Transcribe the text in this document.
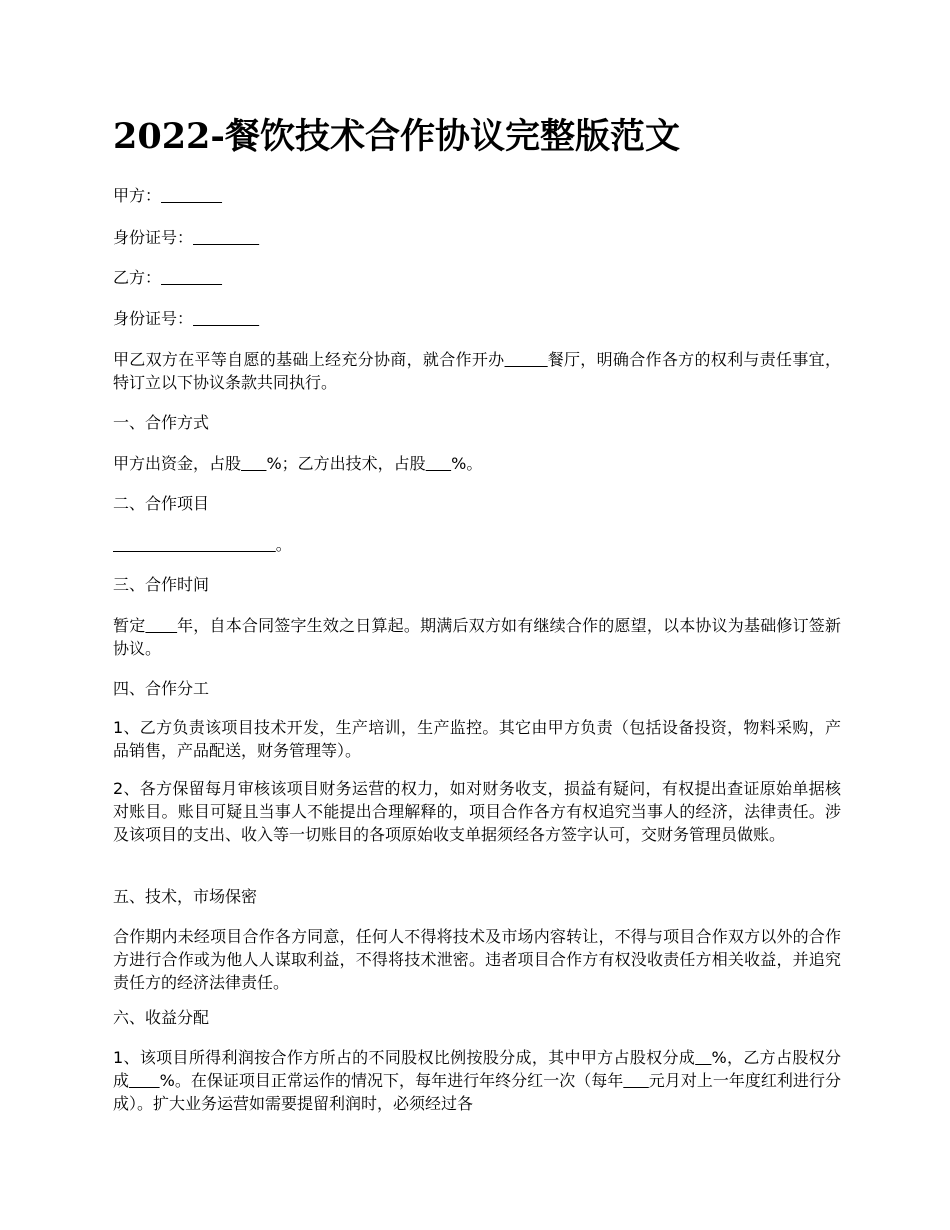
2022-餐饮技术合作协议完整版范文

甲方：

身份证号：

乙方：

身份证号：

甲乙双方在平等自愿的基础上经充分协商，就合作开办	餐厅，明确合作各方的权利与责任事宜，特订立以下协议条款共同执行。

一、合作方式

甲方出资金，占股 %；乙方出技术，占股 %。

二、合作项目

。

三、合作时间

暂定 年，自本合同签字生效之日算起。期满后双方如有继续合作的愿望，以本协议为基础修订签新协议。

四、合作分工

1、乙方负责该项目技术开发，生产培训，生产监控。其它由甲方负责（包括设备投资，物料采购，产品销售，产品配送，财务管理等）。

2、各方保留每月审核该项目财务运营的权力，如对财务收支，损益有疑问，有权提出查证原始单据核对账目。账目可疑且当事人不能提出合理解释的，项目合作各方有权追究当事人的经济，法律责任。涉及该项目的支出、收入等一切账目的各项原始收支单据须经各方签字认可，交财务管理员做账。

五、技术，市场保密

合作期内未经项目合作各方同意，任何人不得将技术及市场内容转让，不得与项目合作双方以外的合作方进行合作或为他人人谋取利益，不得将技术泄密。违者项目合作方有权没收责任方相关收益，并追究责任方的经济法律责任。

六、收益分配

1、该项目所得利润按合作方所占的不同股权比例按股分成，其中甲方占股权分成 %，乙方占股权分成 %。在保证项目正常运作的情况下，每年进行年终分红一次（每年 元月对上一年度红利进行分成）。扩大业务运营如需要提留利润时，必须经过各
